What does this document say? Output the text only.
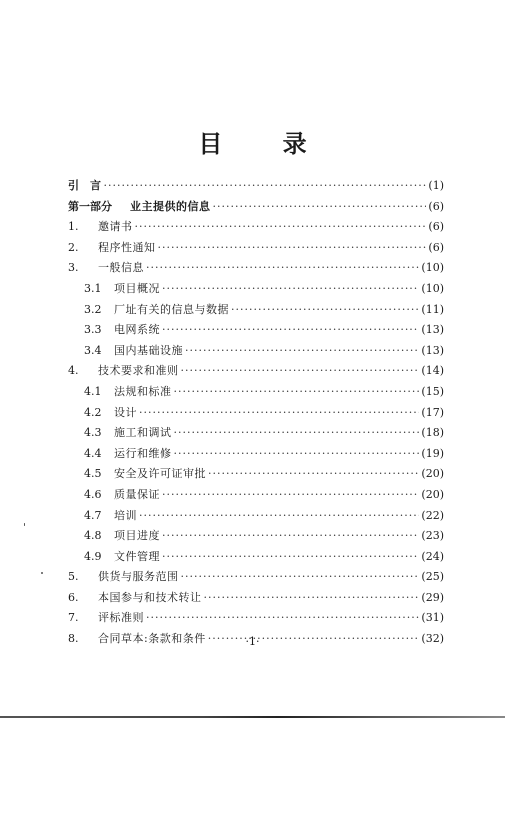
目 录
引	言 ·····	(1)
第一部分	业主提供的信息 ·····	(6)
1.	邀请书 ·····	(6)
2.	程序性通知 ·····	(6)
3.	一般信息 ·····	(10)
3.1	项目概况 ·····	(10)
3.2	厂址有关的信息与数据 ·····	(11)
3.3	电网系统 ·····	(13)
3.4	国内基础设施 ·····	(13)
4.	技术要求和准则 ·····	(14)
4.1	法规和标准 ·····	(15)
4.2	设计 ·····	(17)
4.3	施工和调试 ·····	(18)
4.4	运行和维修 ·····	(19)
4.5	安全及许可证审批 ·····	(20)
4.6	质量保证 ·····	(20)
4.7	培训 ·····	(22)
4.8	项目进度 ·····	(23)
4.9	文件管理 ·····	(24)
5.	供货与服务范围 ·····	(25)
6.	本国参与和技术转让 ·····	(29)
7.	评标准则 ·····	(31)
8.	合同草本:条款和条件 ·····	(32)
·1·
